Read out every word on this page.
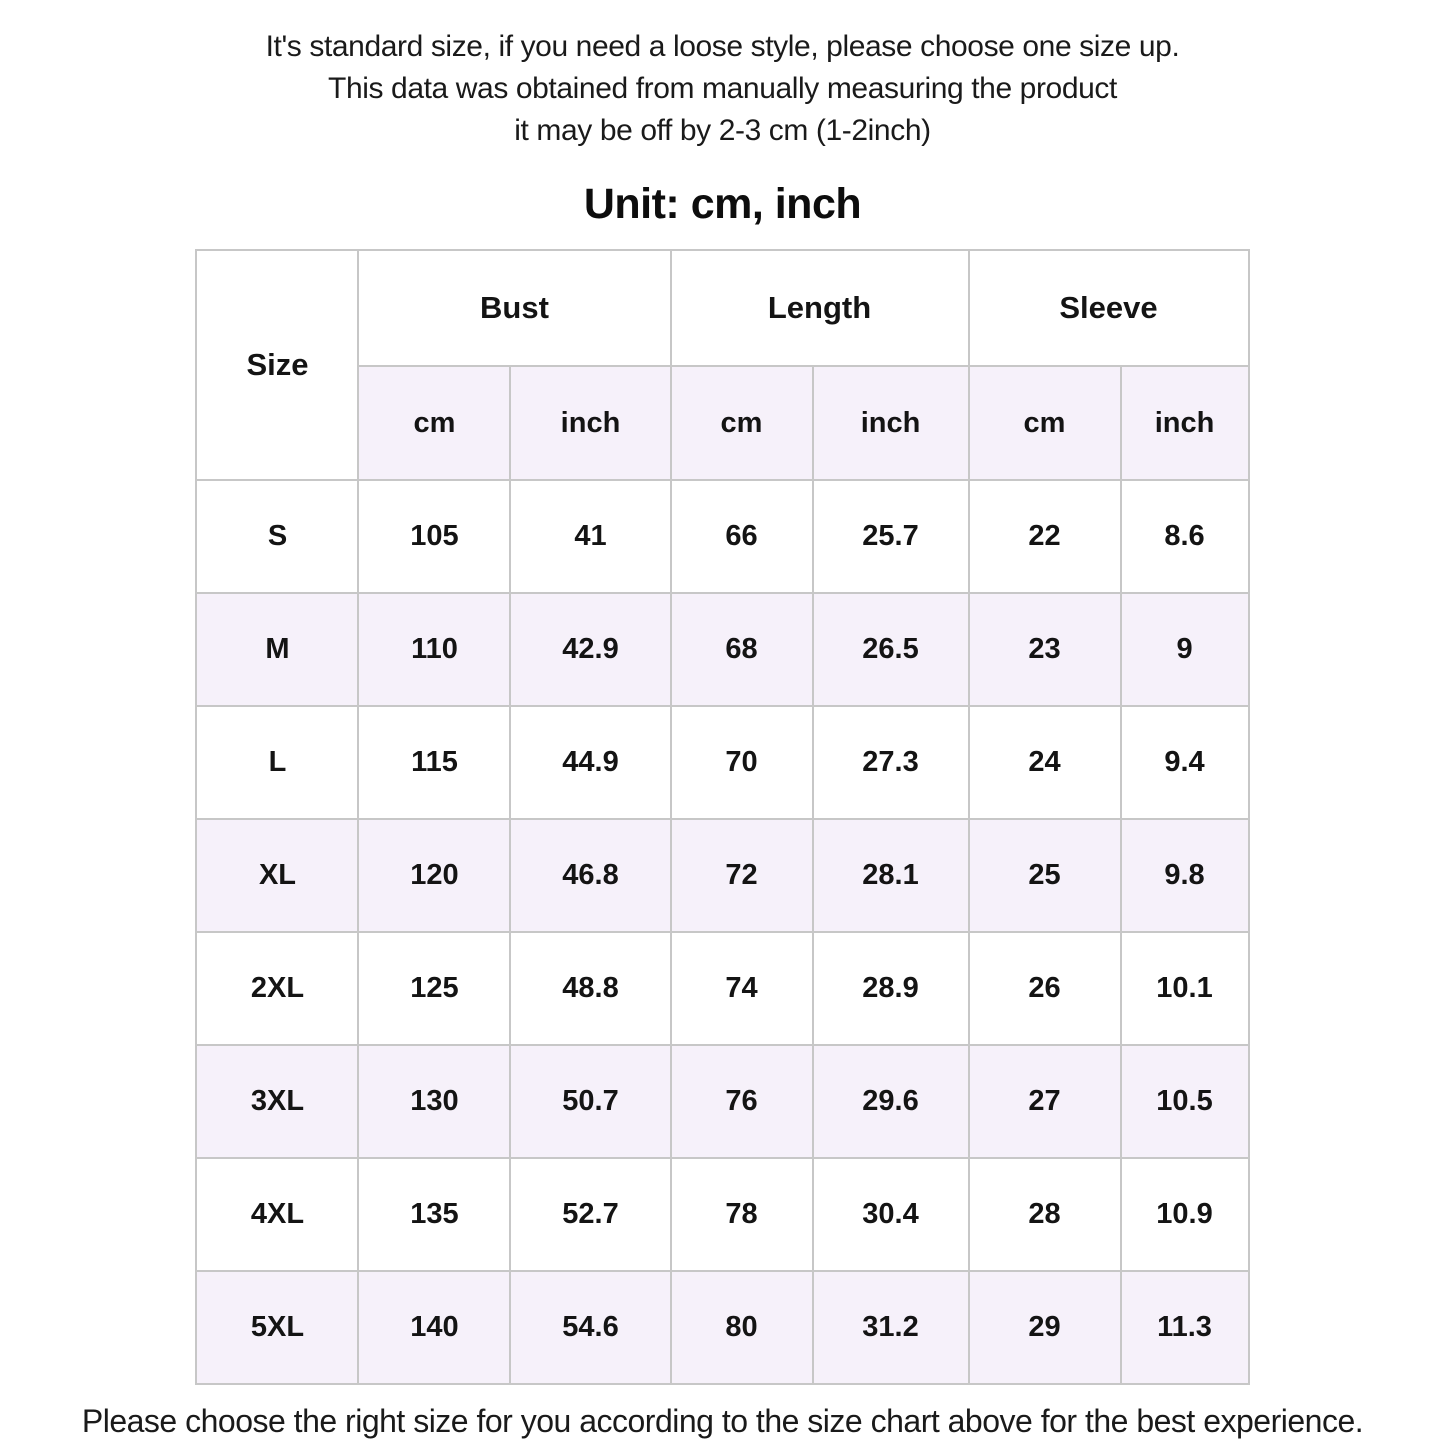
It's standard size, if you need a loose style, please choose one size up.
This data was obtained from manually measuring the product
it may be off by 2-3 cm (1-2inch)
Unit: cm, inch
Size	Bust		Length		Sleeve	
	cm	inch	cm	inch	cm	inch
S	105	41	66	25.7	22	8.6
M	110	42.9	68	26.5	23	9
L	115	44.9	70	27.3	24	9.4
XL	120	46.8	72	28.1	25	9.8
2XL	125	48.8	74	28.9	26	10.1
3XL	130	50.7	76	29.6	27	10.5
4XL	135	52.7	78	30.4	28	10.9
5XL	140	54.6	80	31.2	29	11.3
Please choose the right size for you according to the size chart above for the best experience.
